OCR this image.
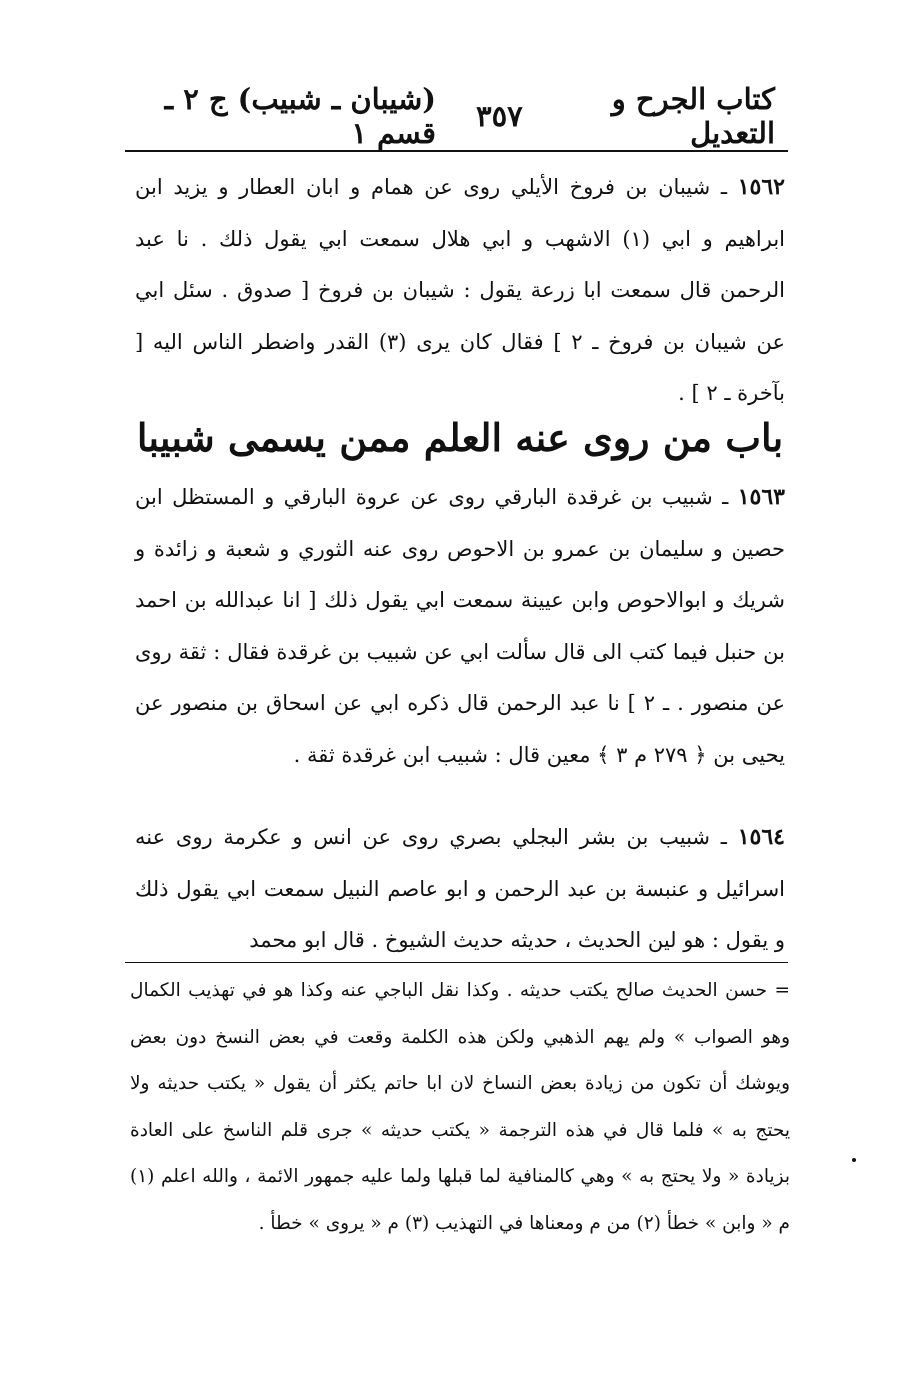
كتاب الجرح و التعديل
٣٥٧
(شيبان ـ شبيب) ج ٢ ـ قسم ١
١٥٦٢ ـ شيبان بن فروخ الأيلي روى عن همام و ابان العطار و يزيد ابن ابراهيم و ابي (١) الاشهب و ابي هلال سمعت ابي يقول ذلك . نا عبد الرحمن قال سمعت ابا زرعة يقول : شيبان بن فروخ [ صدوق . سئل ابي عن شيبان بن فروخ ـ ٢ ] فقال كان يرى (٣) القدر واضطر الناس اليه [ بآخرة ـ ٢ ] .
باب من روى عنه العلم ممن يسمى شبيبا
١٥٦٣ ـ شبيب بن غرقدة البارقي روى عن عروة البارقي و المستظل ابن حصين و سليمان بن عمرو بن الاحوص روى عنه الثوري و شعبة و زائدة و شريك و ابوالاحوص وابن عيينة سمعت ابي يقول ذلك [ انا عبدالله بن احمد بن حنبل فيما كتب الى قال سألت ابي عن شبيب بن غرقدة فقال : ثقة روى عن منصور . ـ ٢ ] نا عبد الرحمن قال ذكره ابي عن اسحاق بن منصور عن يحيى بن ﴿ ٢٧٩ م ٣ ﴾ معين قال : شبيب ابن غرقدة ثقة .
١٥٦٤ ـ شبيب بن بشر البجلي بصري روى عن انس و عكرمة روى عنه اسرائيل و عنبسة بن عبد الرحمن و ابو عاصم النبيل سمعت ابي يقول ذلك و يقول : هو لين الحديث ، حديثه حديث الشيوخ . قال ابو محمد
= حسن الحديث صالح يكتب حديثه . وكذا نقل الباجي عنه وكذا هو في تهذيب الكمال وهو الصواب » ولم يهم الذهبي ولكن هذه الكلمة وقعت في بعض النسخ دون بعض ويوشك أن تكون من زيادة بعض النساخ لان ابا حاتم يكثر أن يقول « يكتب حديثه ولا يحتج به » فلما قال في هذه الترجمة « يكتب حديثه » جرى قلم الناسخ على العادة بزيادة « ولا يحتج به » وهي كالمنافية لما قبلها ولما عليه جمهور الائمة ، والله اعلم (١) م « وابن » خطأ (٢) من م ومعناها في التهذيب (٣) م « يروى » خطأ .
